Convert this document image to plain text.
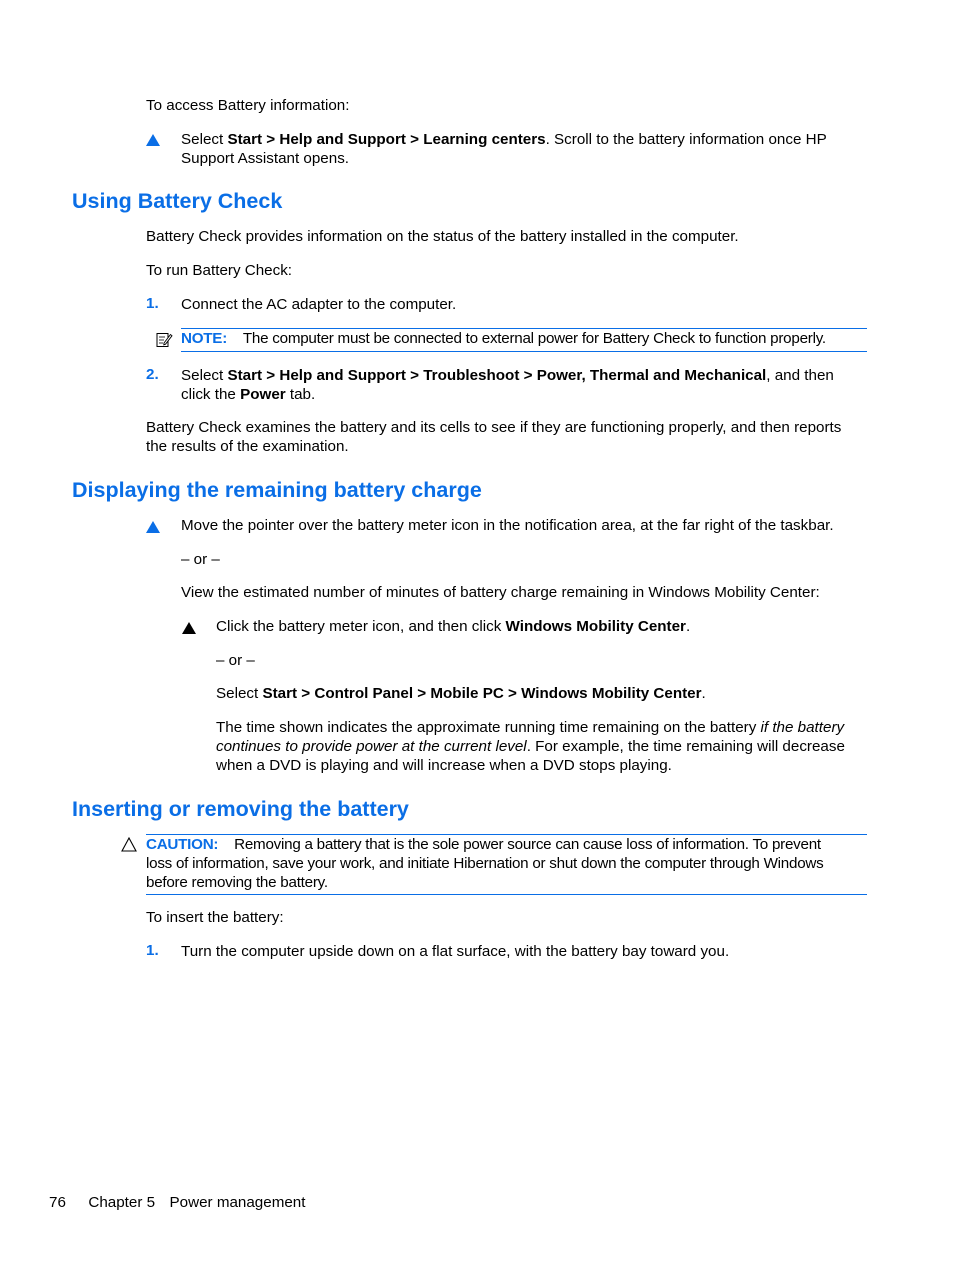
To access Battery information:

Select Start > Help and Support > Learning centers. Scroll to the battery information once HP
Support Assistant opens.

Using Battery Check

Battery Check provides information on the status of the battery installed in the computer.

To run Battery Check:

1. Connect the AC adapter to the computer.

NOTE: The computer must be connected to external power for Battery Check to function properly.

2. Select Start > Help and Support > Troubleshoot > Power, Thermal and Mechanical, and then
click the Power tab.

Battery Check examines the battery and its cells to see if they are functioning properly, and then reports
the results of the examination.

Displaying the remaining battery charge

Move the pointer over the battery meter icon in the notification area, at the far right of the taskbar.

– or –

View the estimated number of minutes of battery charge remaining in Windows Mobility Center:

Click the battery meter icon, and then click Windows Mobility Center.

– or –

Select Start > Control Panel > Mobile PC > Windows Mobility Center.

The time shown indicates the approximate running time remaining on the battery if the battery
continues to provide power at the current level. For example, the time remaining will decrease
when a DVD is playing and will increase when a DVD stops playing.

Inserting or removing the battery

CAUTION: Removing a battery that is the sole power source can cause loss of information. To prevent
loss of information, save your work, and initiate Hibernation or shut down the computer through Windows
before removing the battery.

To insert the battery:

1. Turn the computer upside down on a flat surface, with the battery bay toward you.

76 Chapter 5 Power management
